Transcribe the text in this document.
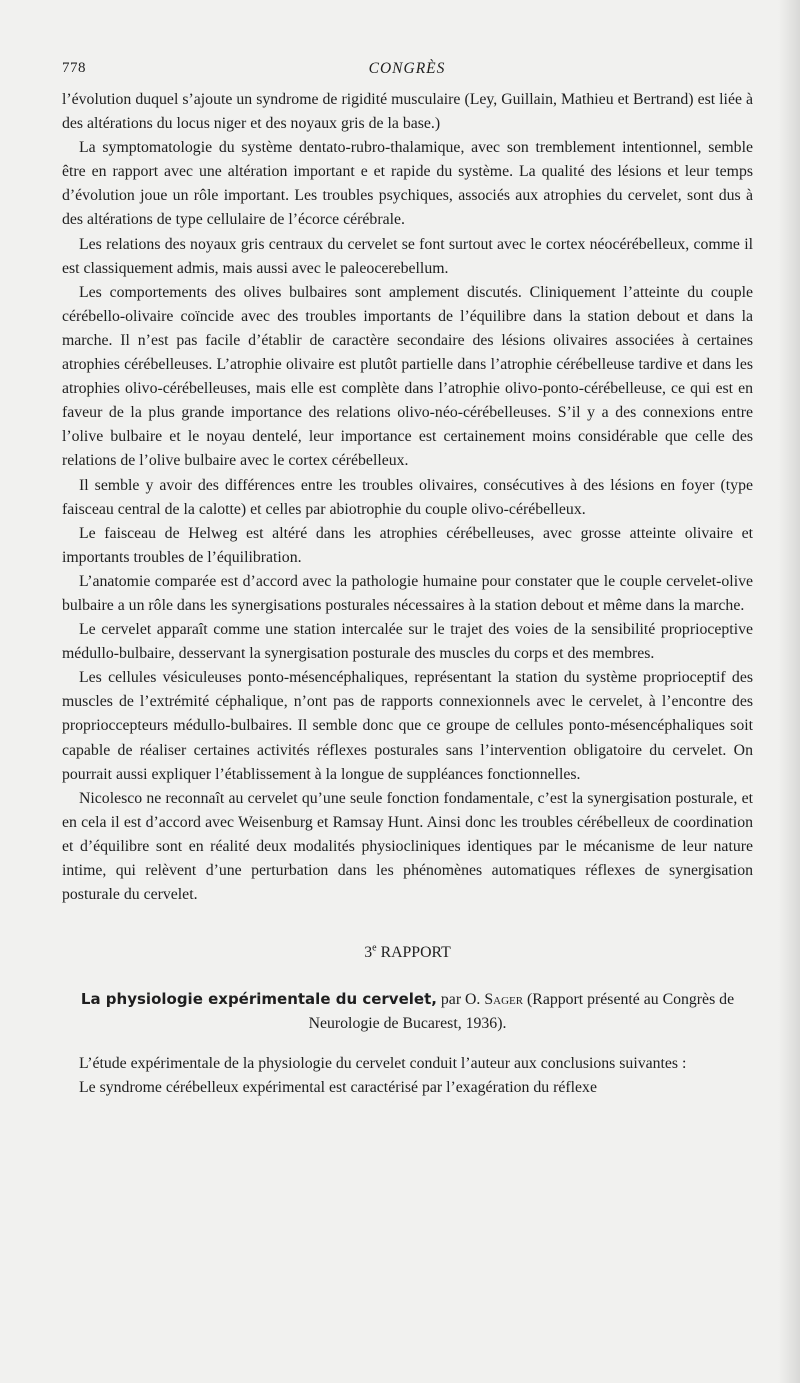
778	CONGRÈS

l’évolution duquel s’ajoute un syndrome de rigidité musculaire (Ley, Guillain, Mathieu et Bertrand) est liée à des altérations du locus niger et des noyaux gris de la base.)

La symptomatologie du système dentato-rubro-thalamique, avec son tremblement intentionnel, semble être en rapport avec une altération important e et rapide du système. La qualité des lésions et leur temps d’évolution joue un rôle important. Les troubles psychiques, associés aux atrophies du cervelet, sont dus à des altérations de type cellulaire de l’écorce cérébrale.

Les relations des noyaux gris centraux du cervelet se font surtout avec le cortex néocérébelleux, comme il est classiquement admis, mais aussi avec le paleocerebellum.

Les comportements des olives bulbaires sont amplement discutés. Cliniquement l’atteinte du couple cérébello-olivaire coïncide avec des troubles importants de l’équilibre dans la station debout et dans la marche. Il n’est pas facile d’établir de caractère secondaire des lésions olivaires associées à certaines atrophies cérébelleuses. L’atrophie olivaire est plutôt partielle dans l’atrophie cérébelleuse tardive et dans les atrophies olivo-cérébelleuses, mais elle est complète dans l’atrophie olivo-ponto-cérébelleuse, ce qui est en faveur de la plus grande importance des relations olivo-néo-cérébelleuses. S’il y a des connexions entre l’olive bulbaire et le noyau dentelé, leur importance est certainement moins considérable que celle des relations de l’olive bulbaire avec le cortex cérébelleux.

Il semble y avoir des différences entre les troubles olivaires, consécutives à des lésions en foyer (type faisceau central de la calotte) et celles par abiotrophie du couple olivo-cérébelleux.

Le faisceau de Helweg est altéré dans les atrophies cérébelleuses, avec grosse atteinte olivaire et importants troubles de l’équilibration.

L’anatomie comparée est d’accord avec la pathologie humaine pour constater que le couple cervelet-olive bulbaire a un rôle dans les synergisations posturales nécessaires à la station debout et même dans la marche.

Le cervelet apparaît comme une station intercalée sur le trajet des voies de la sensibilité proprioceptive médullo-bulbaire, desservant la synergisation posturale des muscles du corps et des membres.

Les cellules vésiculeuses ponto-mésencéphaliques, représentant la station du système proprioceptif des muscles de l’extrémité céphalique, n’ont pas de rapports connexionnels avec le cervelet, à l’encontre des proprioccepteurs médullo-bulbaires. Il semble donc que ce groupe de cellules ponto-mésencéphaliques soit capable de réaliser certaines activités réflexes posturales sans l’intervention obligatoire du cervelet. On pourrait aussi expliquer l’établissement à la longue de suppléances fonctionnelles.

Nicolesco ne reconnaît au cervelet qu’une seule fonction fondamentale, c’est la synergisation posturale, et en cela il est d’accord avec Weisenburg et Ramsay Hunt. Ainsi donc les troubles cérébelleux de coordination et d’équilibre sont en réalité deux modalités physiocliniques identiques par le mécanisme de leur nature intime, qui relèvent d’une perturbation dans les phénomènes automatiques réflexes de synergisation posturale du cervelet.

3e RAPPORT
La physiologie expérimentale du cervelet, par O. Sager (Rapport présenté au Congrès de Neurologie de Bucarest, 1936).

L’étude expérimentale de la physiologie du cervelet conduit l’auteur aux conclusions suivantes :

Le syndrome cérébelleux expérimental est caractérisé par l’exagération du réflexe
